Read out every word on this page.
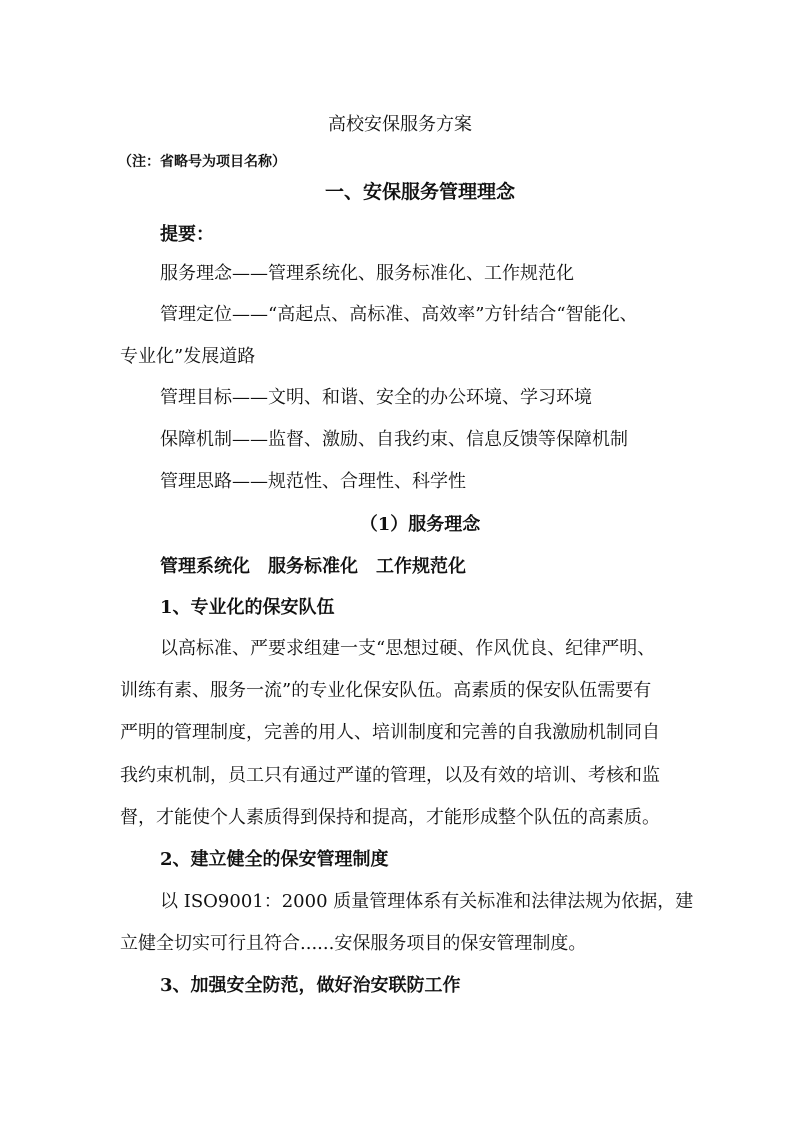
高校安保服务方案
（注：省略号为项目名称）
一、安保服务管理理念
提要：
服务理念——管理系统化、服务标准化、工作规范化
管理定位——“高起点、高标准、高效率”方针结合“智能化、
专业化”发展道路
管理目标——文明、和谐、安全的办公环境、学习环境
保障机制——监督、激励、自我约束、信息反馈等保障机制
管理思路——规范性、合理性、科学性
（1）服务理念
管理系统化　服务标准化　工作规范化
1、专业化的保安队伍
以高标准、严要求组建一支“思想过硬、作风优良、纪律严明、
训练有素、服务一流”的专业化保安队伍。高素质的保安队伍需要有
严明的管理制度，完善的用人、培训制度和完善的自我激励机制同自
我约束机制，员工只有通过严谨的管理，以及有效的培训、考核和监
督，才能使个人素质得到保持和提高，才能形成整个队伍的高素质。
2、建立健全的保安管理制度
以 ISO9001：2000 质量管理体系有关标准和法律法规为依据，建
立健全切实可行且符合......安保服务项目的保安管理制度。
3、加强安全防范，做好治安联防工作
